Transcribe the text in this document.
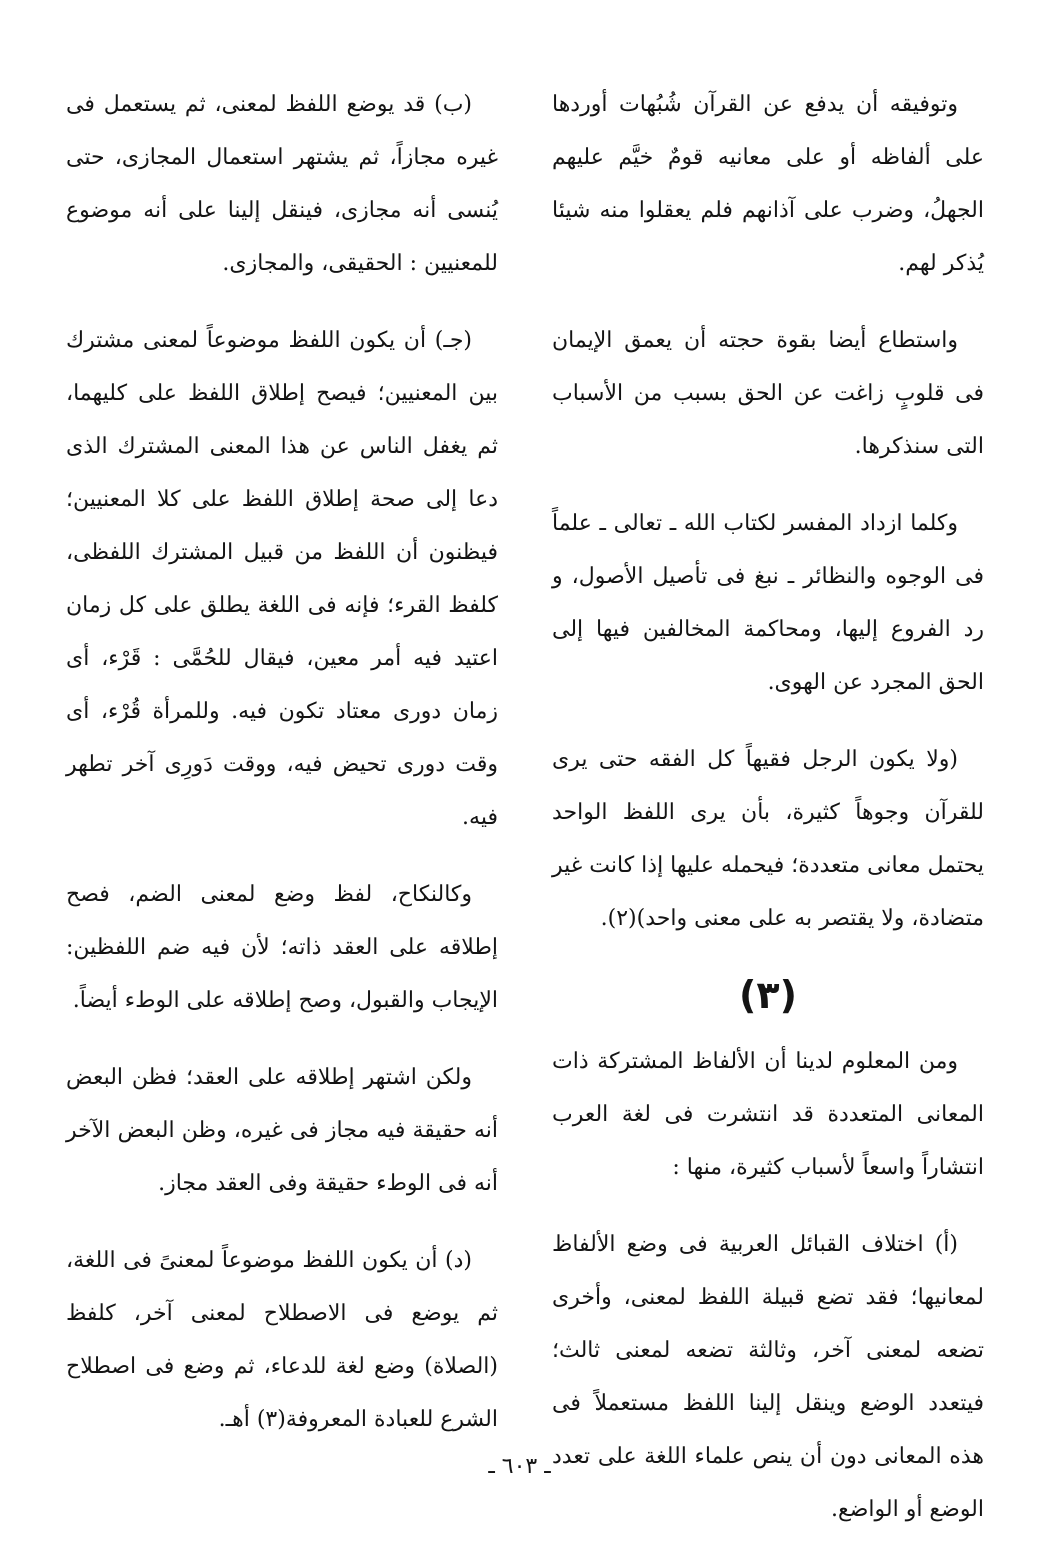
وتوفيقه أن يدفع عن القرآن شُبُهات أوردها على ألفاظه أو على معانيه قومٌ خيَّم عليهم الجهلُ، وضرب على آذانهم فلم يعقلوا منه شيئا يُذكر لهم.

واستطاع أيضا بقوة حجته أن يعمق الإيمان فى قلوبٍ زاغت عن الحق بسبب من الأسباب التى سنذكرها.

وكلما ازداد المفسر لكتاب الله ـ تعالى ـ علماً فى الوجوه والنظائر ـ نبغ فى تأصيل الأصول، و رد الفروع إليها، ومحاكمة المخالفين فيها إلى الحق المجرد عن الهوى.

(ولا يكون الرجل فقيهاً كل الفقه حتى يرى للقرآن وجوهاً كثيرة، بأن يرى اللفظ الواحد يحتمل معانى متعددة؛ فيحمله عليها إذا كانت غير متضادة، ولا يقتصر به على معنى واحد)(٢).

(٣)

ومن المعلوم لدينا أن الألفاظ المشتركة ذات المعانى المتعددة قد انتشرت فى لغة العرب انتشاراً واسعاً لأسباب كثيرة، منها :

(أ) اختلاف القبائل العربية فى وضع الألفاظ لمعانيها؛ فقد تضع قبيلة اللفظ لمعنى، وأخرى تضعه لمعنى آخر، وثالثة تضعه لمعنى ثالث؛ فيتعدد الوضع وينقل إلينا اللفظ مستعملاً فى هذه المعانى دون أن ينص علماء اللغة على تعدد الوضع أو الواضع.

(ب) قد يوضع اللفظ لمعنى، ثم يستعمل فى غيره مجازاً، ثم يشتهر استعمال المجازى، حتى يُنسى أنه مجازى، فينقل إلينا على أنه موضوع للمعنيين : الحقيقى، والمجازى.

(جـ) أن يكون اللفظ موضوعاً لمعنى مشترك بين المعنيين؛ فيصح إطلاق اللفظ على كليهما، ثم يغفل الناس عن هذا المعنى المشترك الذى دعا إلى صحة إطلاق اللفظ على كلا المعنيين؛ فيظنون أن اللفظ من قبيل المشترك اللفظى، كلفظ القرء؛ فإنه فى اللغة يطلق على كل زمان اعتيد فيه أمر معين، فيقال للحُمَّى : قَرْء، أى زمان دورى معتاد تكون فيه. وللمرأة قُرْء، أى وقت دورى تحيض فيه، ووقت دَورِى آخر تطهر فيه.

وكالنكاح، لفظ وضع لمعنى الضم، فصح إطلاقه على العقد ذاته؛ لأن فيه ضم اللفظين: الإيجاب والقبول، وصح إطلاقه على الوطء أيضاً.

ولكن اشتهر إطلاقه على العقد؛ فظن البعض أنه حقيقة فيه مجاز فى غيره، وظن البعض الآخر أنه فى الوطء حقيقة وفى العقد مجاز.

(د) أن يكون اللفظ موضوعاً لمعنىً فى اللغة، ثم يوضع فى الاصطلاح لمعنى آخر، كلفظ (الصلاة) وضع لغة للدعاء، ثم وضع فى اصطلاح الشرع للعبادة المعروفة(٣) أهـ.

ـ ٦٠٣ ـ
